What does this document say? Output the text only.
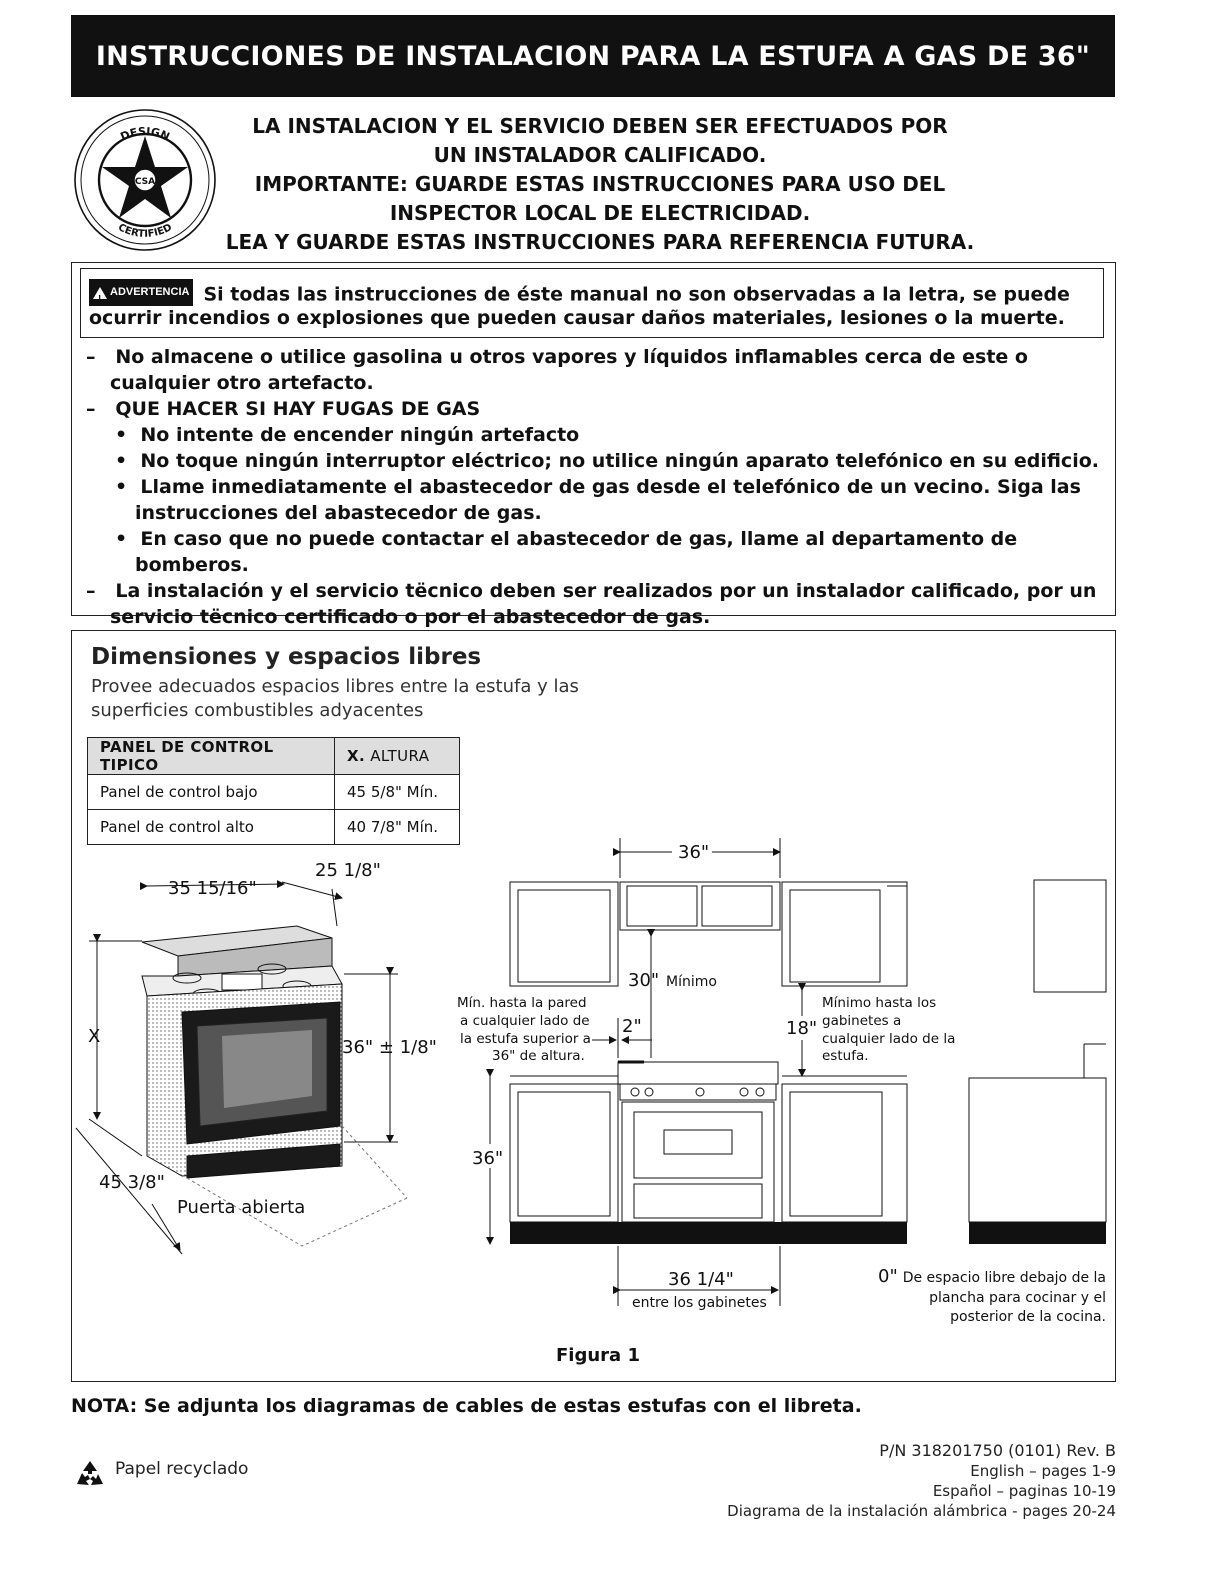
INSTRUCCIONES DE INSTALACION PARA LA ESTUFA A GAS DE 36"
CSA
DESIGN
CERTIFIED
LA INSTALACION Y EL SERVICIO DEBEN SER EFECTUADOS POR
UN INSTALADOR CALIFICADO.
IMPORTANTE: GUARDE ESTAS INSTRUCCIONES PARA USO DEL
INSPECTOR LOCAL DE ELECTRICIDAD.
LEA Y GUARDE ESTAS INSTRUCCIONES PARA REFERENCIA FUTURA.
!
ADVERTENCIA Si todas las instrucciones de éste manual no son observadas a la letra, se puede ocurrir incendios o explosiones que pueden causar daños materiales, lesiones o la muerte.
– No almacene o utilice gasolina u otros vapores y líquidos inflamables cerca de este o cualquier otro artefacto.
– QUE HACER SI HAY FUGAS DE GAS
• No intente de encender ningún artefacto
• No toque ningún interruptor eléctrico; no utilice ningún aparato telefónico en su edificio.
• Llame inmediatamente el abastecedor de gas desde el telefónico de un vecino. Siga las instrucciones del abastecedor de gas.
• En caso que no puede contactar el abastecedor de gas, llame al departamento de bomberos.
– La instalación y el servicio tëcnico deben ser realizados por un instalador calificado, por un servicio tëcnico certificado o por el abastecedor de gas.
Dimensiones y espacios libres
Provee adecuados espacios libres entre la estufa y las superficies combustibles adyacentes
PANEL DE CONTROL TIPICO	X. ALTURA
Panel de control bajo	45 5/8" Mín.
Panel de control alto	40 7/8" Mín.
35 15/16"
25 1/8"
X
36" ± 1/8"
45 3/8"
Puerta abierta
36"
30" Mínimo
Mín. hasta la pared
a cualquier lado de
la estufa superior a
36" de altura.
2"	18"
Mínimo hasta los
gabinetes a
cualquier lado de la
estufa.
36"
36 1/4"
entre los gabinetes
0" De espacio libre debajo de la
plancha para cocinar y el
posterior de la cocina.
Figura 1
NOTA: Se adjunta los diagramas de cables de estas estufas con el libreta.
Papel recyclado
P/N 318201750 (0101) Rev. B
English – pages 1-9
Español – paginas 10-19
Diagrama de la instalación alámbrica - pages 20-24
